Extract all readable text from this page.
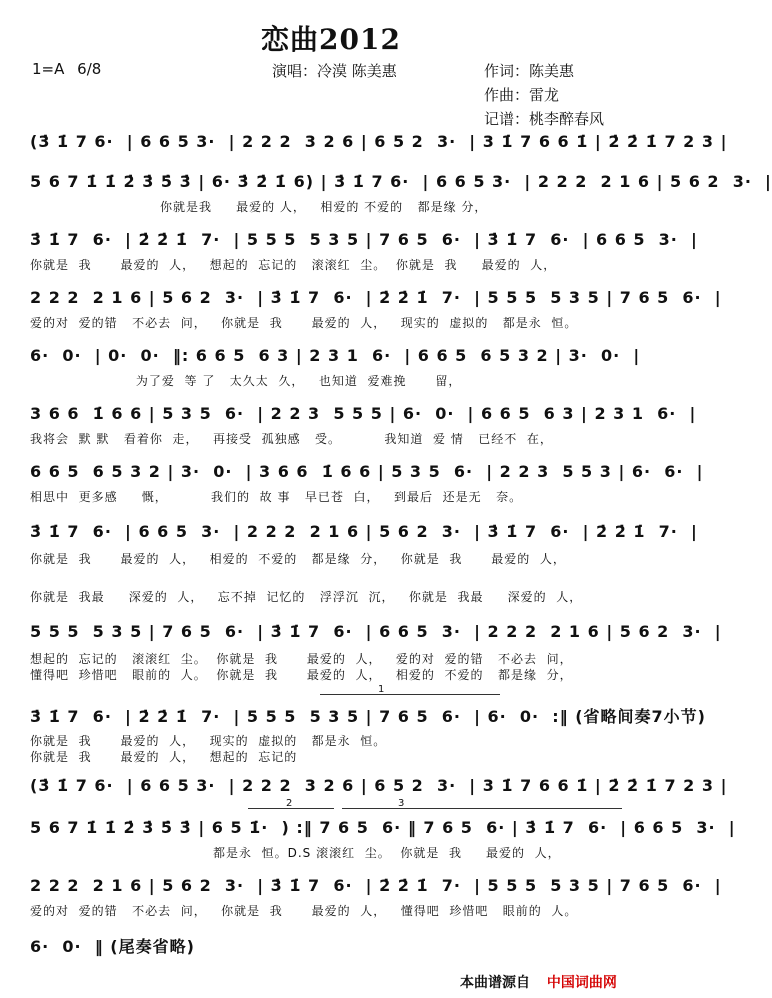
恋曲2012
1=A 6/8	演唱：冷漠 陈美惠	作词：陈美惠
作曲：雷龙
记谱：桃李醉春风
(3̇ 1̇ 7 6·  | 6 6 5 3·  | 2 2 2  3 2 6 | 6 5 2  3·  | 3 1̇ 7 6 6 1̇ | 2̇ 2̇ 1̇ 7 2 3 |
5 6 7 1̇ 1̇ 2̇ 3̇ 5̇ 3̇ | 6· 3̇ 2̇ 1̇ 6) | 3̇ 1̇ 7 6·  | 6 6 5 3·  | 2 2 2  2 1 6 | 5 6 2  3·  |
你就是我     最爱的 人，   相爱的 不爱的   都是缘 分，
3̇ 1̇ 7  6·  | 2̇ 2̇ 1̇  7·  | 5 5 5  5 3 5 | 7 6 5  6·  | 3̇ 1̇ 7  6·  | 6 6 5  3·  |
你就是  我      最爱的  人，   想起的  忘记的   滚滚红  尘。  你就是  我     最爱的  人，
2 2 2  2 1 6 | 5 6 2  3·  | 3̇ 1̇ 7  6·  | 2̇ 2̇ 1̇  7·  | 5 5 5  5 3 5 | 7 6 5  6·  |
爱的对  爱的错   不必去  问，   你就是  我      最爱的  人，   现实的  虚拟的   都是永  恒。
6·  0·  | 0·  0·  ‖: 6 6 5  6 3 | 2 3 1  6·  | 6 6 5  6 5 3 2 | 3·  0·  |
为了爱  等 了   太久太  久，   也知道  爱难挽      留，
3 6 6  1̇ 6 6 | 5 3 5  6·  | 2 2 3  5 5 5 | 6·  0·  | 6 6 5  6 3 | 2 3 1  6·  |
我将会  默 默   看着你  走，   再接受  孤独感   受。         我知道  爱 情   已经不  在，
6 6 5  6 5 3 2 | 3·  0·  | 3 6 6  1̇ 6 6 | 5 3 5  6·  | 2 2 3  5 5 3 | 6·  6·  |
相思中  更多感     慨，         我们的  故 事   早已苍  白，   到最后  还是无   奈。
3̇ 1̇ 7  6·  | 6 6 5  3·  | 2 2 2  2 1 6 | 5 6 2  3·  | 3̇ 1̇ 7  6·  | 2̇ 2̇ 1̇  7·  |
你就是  我      最爱的  人，   相爱的  不爱的   都是缘  分，   你就是  我      最爱的  人，
你就是  我最     深爱的  人，   忘不掉  记忆的   浮浮沉  沉，   你就是  我最     深爱的  人，
5 5 5  5 3 5 | 7 6 5  6·  | 3̇ 1̇ 7  6·  | 6 6 5  3·  | 2 2 2  2 1 6 | 5 6 2  3·  |
想起的  忘记的   滚滚红  尘。  你就是  我      最爱的  人，   爱的对  爱的错   不必去  问，
懂得吧  珍惜吧   眼前的  人。  你就是  我      最爱的  人，   相爱的  不爱的   都是缘  分，
1
3̇ 1̇ 7  6·  | 2̇ 2̇ 1̇  7·  | 5 5 5  5 3 5 | 7 6 5  6·  | 6·  0·  :‖ (省略间奏7小节)
你就是  我      最爱的  人，   现实的  虚拟的   都是永  恒。
你就是  我      最爱的  人，   想起的  忘记的
(3̇ 1̇ 7 6·  | 6 6 5 3·  | 2 2 2  3 2 6 | 6 5 2  3·  | 3 1̇ 7 6 6 1̇ | 2̇ 2̇ 1̇ 7 2 3 |
2	3
5 6 7 1̇ 1̇ 2̇ 3̇ 5̇ 3̇ | 6 5 1̇·  ) :‖ 7 6 5  6· ‖ 7 6 5  6· | 3̇ 1̇ 7  6·  | 6 6 5  3·  |
都是永  恒。D.S 滚滚红  尘。  你就是  我     最爱的  人，
2 2 2  2 1 6 | 5 6 2  3·  | 3̇ 1̇ 7  6·  | 2̇ 2̇ 1̇  7·  | 5 5 5  5 3 5 | 7 6 5  6·  |
爱的对  爱的错   不必去  问，   你就是  我      最爱的  人，   懂得吧  珍惜吧   眼前的  人。
6·  0·  ‖ (尾奏省略)
本曲谱源自 中国词曲网
